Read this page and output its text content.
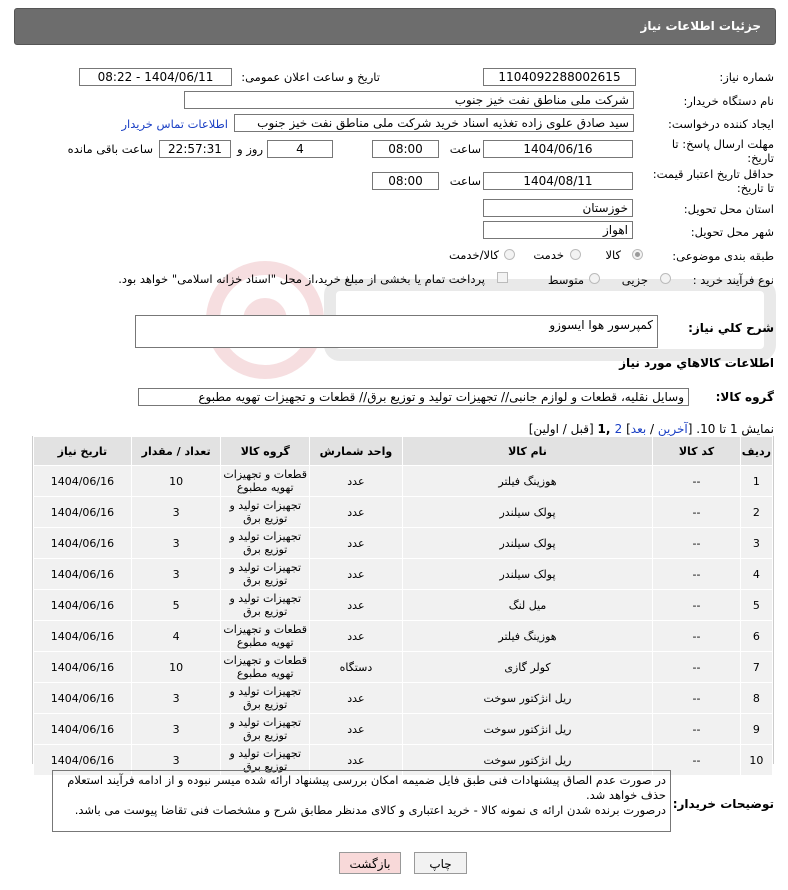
جزئیات اطلاعات نیاز
شماره نیاز:
1104092288002615
تاریخ و ساعت اعلان عمومی:
1404/06/11 - 08:22
نام دستگاه خریدار:
شرکت ملی مناطق نفت خیز جنوب
ایجاد کننده درخواست:
سید صادق علوی زاده تغذیه اسناد خرید شرکت ملی مناطق نفت خیز جنوب
اطلاعات تماس خریدار
مهلت ارسال پاسخ: تا
تاریخ:
1404/06/16
ساعت
08:00
4
روز و
22:57:31
ساعت باقی مانده
حداقل تاریخ اعتبار قیمت:
تا تاریخ:
1404/08/11
ساعت
08:00
استان محل تحویل:
خوزستان
شهر محل تحویل:
اهواز
طبقه بندی موضوعی:
کالا
خدمت
کالا/خدمت
نوع فرآیند خرید :
جزیی
متوسط
پرداخت تمام یا بخشی از مبلغ خرید،از محل "اسناد خزانه اسلامی" خواهد بود.
شرح کلي نياز:
کمپرسور هوا ایسوزو
اطلاعات کالاهاي مورد نياز
گروه کالا:
وسایل نقلیه، قطعات و لوازم جانبی// تجهیزات تولید و توزیع برق// قطعات و تجهیزات تهویه مطبوع
نمایش 1 تا 10. [آخرین / بعد] 2 ,1 [قبل / اولین]
ردیف	کد کالا	نام کالا	واحد شمارش	گروه کالا	تعداد / مقدار	تاریخ نیاز
1	--	هوزینگ فیلتر	عدد	قطعات و تجهیزات تهویه مطبوع	10	1404/06/16
2	--	پولک سیلندر	عدد	تجهیزات تولید و توزیع برق	3	1404/06/16
3	--	پولک سیلندر	عدد	تجهیزات تولید و توزیع برق	3	1404/06/16
4	--	پولک سیلندر	عدد	تجهیزات تولید و توزیع برق	3	1404/06/16
5	--	میل لنگ	عدد	تجهیزات تولید و توزیع برق	5	1404/06/16
6	--	هوزینگ فیلتر	عدد	قطعات و تجهیزات تهویه مطبوع	4	1404/06/16
7	--	کولر گازی	دستگاه	قطعات و تجهیزات تهویه مطبوع	10	1404/06/16
8	--	ریل انژکتور سوخت	عدد	تجهیزات تولید و توزیع برق	3	1404/06/16
9	--	ریل انژکتور سوخت	عدد	تجهیزات تولید و توزیع برق	3	1404/06/16
10	--	ریل انژکتور سوخت	عدد	تجهیزات تولید و توزیع برق	3	1404/06/16
توضیحات خریدار:
در صورت عدم الصاق پیشنهادات فنی طبق فایل ضمیمه امکان بررسی پیشنهاد ارائه شده میسر نبوده و از ادامه فرآیند استعلام حذف خواهد شد.
درصورت برنده شدن ارائه ی نمونه کالا - خرید اعتباری و کالای مدنظر مطابق شرح و مشخصات فنی تقاضا پیوست می باشد.
چاپ
بازگشت
